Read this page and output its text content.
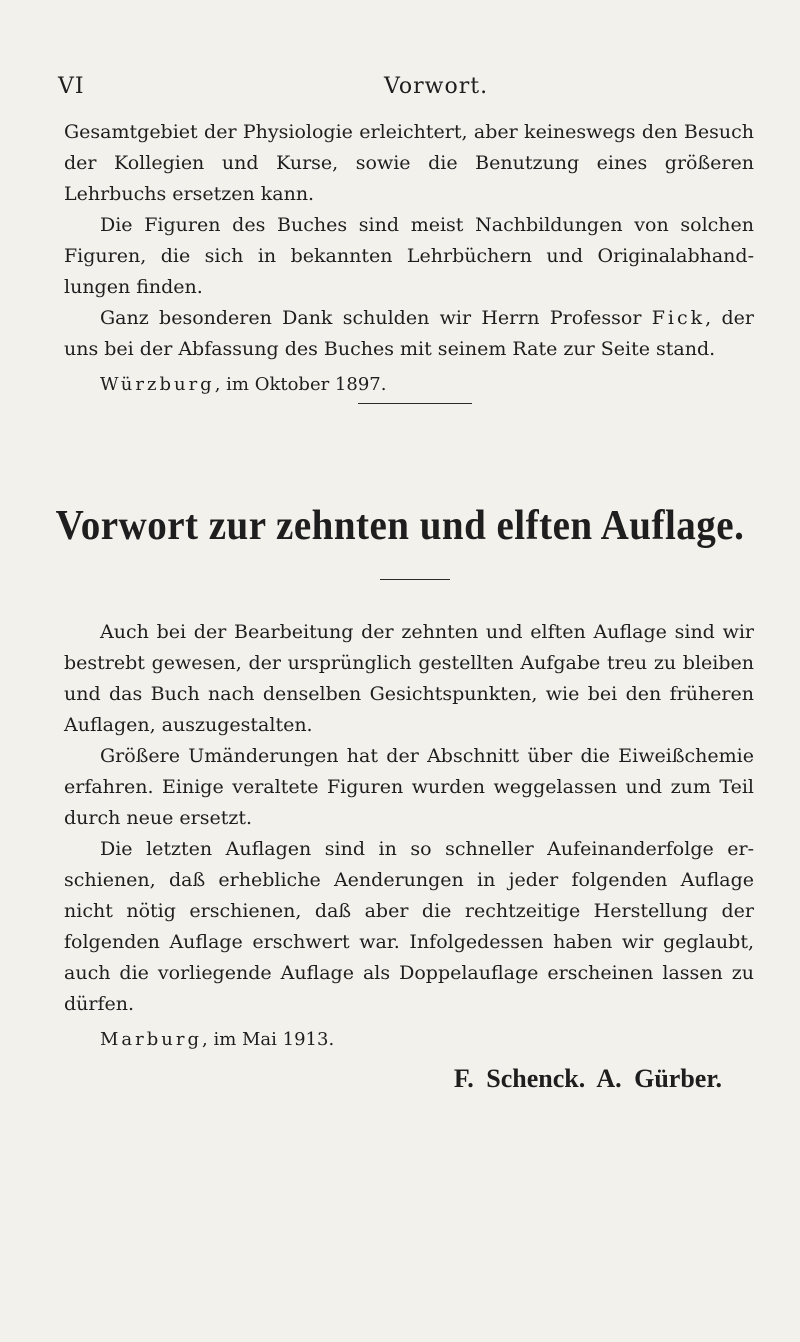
VI	Vorwort.

Gesamtgebiet der Physiologie erleichtert, aber keineswegs den Besuch der Kollegien und Kurse, sowie die Benutzung eines größeren Lehrbuchs ersetzen kann.

Die Figuren des Buches sind meist Nachbildungen von solchen Figuren, die sich in bekannten Lehrbüchern und Originalabhandlungen finden.

Ganz besonderen Dank schulden wir Herrn Professor Fick, der uns bei der Abfassung des Buches mit seinem Rate zur Seite stand.

Würzburg, im Oktober 1897.
Vorwort zur zehnten und elften Auflage.

Auch bei der Bearbeitung der zehnten und elften Auflage sind wir bestrebt gewesen, der ursprünglich gestellten Aufgabe treu zu bleiben und das Buch nach denselben Gesichtspunkten, wie bei den früheren Auflagen, auszugestalten.

Größere Umänderungen hat der Abschnitt über die Eiweißchemie erfahren. Einige veraltete Figuren wurden weggelassen und zum Teil durch neue ersetzt.

Die letzten Auflagen sind in so schneller Aufeinanderfolge erschienen, daß erhebliche Aenderungen in jeder folgenden Auflage nicht nötig erschienen, daß aber die rechtzeitige Herstellung der folgenden Auflage erschwert war. Infolgedessen haben wir geglaubt, auch die vorliegende Auflage als Doppelauflage erscheinen lassen zu dürfen.

Marburg, im Mai 1913.
F. Schenck. A. Gürber.
